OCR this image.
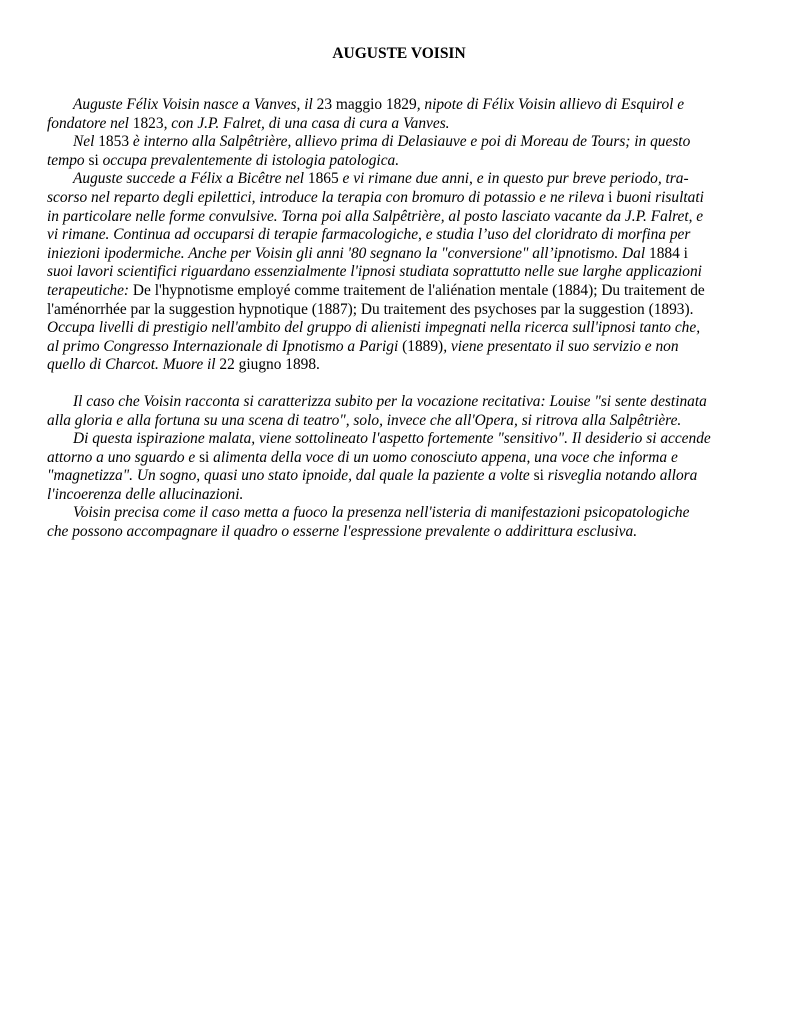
AUGUSTE VOISIN

Auguste Félix Voisin nasce a Vanves, il 23 maggio 1829, nipote di Félix Voisin allievo di Esquirol e
fondatore nel 1823, con J.P. Falret, di una casa di cura a Vanves.

Nel 1853 è interno alla Salpêtrière, allievo prima di Delasiauve e poi di Moreau de Tours; in questo
tempo si occupa prevalentemente di istologia patologica.

Auguste succede a Félix a Bicêtre nel 1865 e vi rimane due anni, e in questo pur breve periodo, tra-
scorso nel reparto degli epilettici, introduce la terapia con bromuro di potassio e ne rileva i buoni risultati
in particolare nelle forme convulsive. Torna poi alla Salpêtrière, al posto lasciato vacante da J.P. Falret, e
vi rimane. Continua ad occuparsi di terapie farmacologiche, e studia l’uso del cloridrato di morfina per
iniezioni ipodermiche. Anche per Voisin gli anni '80 segnano la "conversione" all’ipnotismo. Dal 1884 i
suoi lavori scientifici riguardano essenzialmente l'ipnosi studiata soprattutto nelle sue larghe applicazioni
terapeutiche: De l'hypnotisme employé comme traitement de l'aliénation mentale (1884); Du traitement de
l'aménorrhée par la suggestion hypnotique (1887); Du traitement des psychoses par la suggestion (1893).
Occupa livelli di prestigio nell'ambito del gruppo di alienisti impegnati nella ricerca sull'ipnosi tanto che,
al primo Congresso Internazionale di Ipnotismo a Parigi (1889), viene presentato il suo servizio e non
quello di Charcot. Muore il 22 giugno 1898.

Il caso che Voisin racconta si caratterizza subito per la vocazione recitativa: Louise "si sente destinata
alla gloria e alla fortuna su una scena di teatro", solo, invece che all'Opera, si ritrova alla Salpêtrière.

Di questa ispirazione malata, viene sottolineato l'aspetto fortemente "sensitivo". Il desiderio si accende
attorno a uno sguardo e si alimenta della voce di un uomo conosciuto appena, una voce che informa e
"magnetizza". Un sogno, quasi uno stato ipnoide, dal quale la paziente a volte si risveglia notando allora
l'incoerenza delle allucinazioni.

Voisin precisa come il caso metta a fuoco la presenza nell'isteria di manifestazioni psicopatologiche
che possono accompagnare il quadro o esserne l'espressione prevalente o addirittura esclusiva.
